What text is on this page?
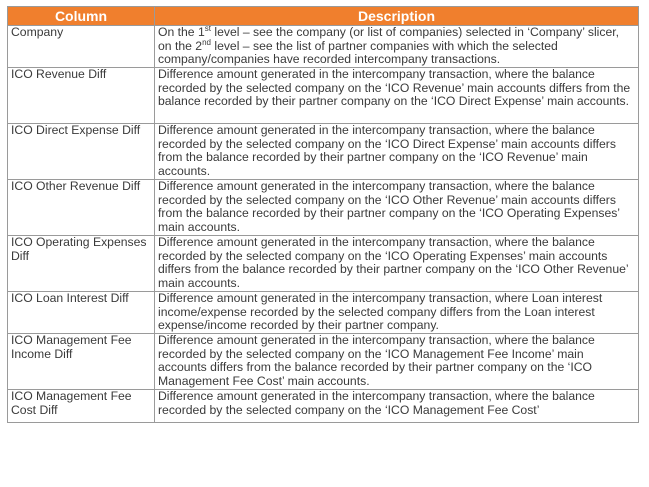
Column	Description
Company	On the 1st level – see the company (or list of companies) selected in ‘Company’ slicer, on the 2nd level – see the list of partner companies with which the selected company/companies have recorded intercompany transactions.
ICO Revenue Diff	Difference amount generated in the intercompany transaction, where the balance recorded by the selected company on the ‘ICO Revenue’ main accounts differs from the balance recorded by their partner company on the ‘ICO Direct Expense’ main accounts.
ICO Direct Expense Diff	Difference amount generated in the intercompany transaction, where the balance recorded by the selected company on the ‘ICO Direct Expense’ main accounts differs from the balance recorded by their partner company on the ‘ICO Revenue’ main accounts.
ICO Other Revenue Diff	Difference amount generated in the intercompany transaction, where the balance recorded by the selected company on the ‘ICO Other Revenue’ main accounts differs from the balance recorded by their partner company on the ‘ICO Operating Expenses’ main accounts.
ICO Operating Expenses Diff	Difference amount generated in the intercompany transaction, where the balance recorded by the selected company on the ‘ICO Operating Expenses’ main accounts differs from the balance recorded by their partner company on the ‘ICO Other Revenue’ main accounts.
ICO Loan Interest Diff	Difference amount generated in the intercompany transaction, where Loan interest income/expense recorded by the selected company differs from the Loan interest expense/income recorded by their partner company.
ICO Management Fee Income Diff	Difference amount generated in the intercompany transaction, where the balance recorded by the selected company on the ‘ICO Management Fee Income’ main accounts differs from the balance recorded by their partner company on the ‘ICO Management Fee Cost’ main accounts.
ICO Management Fee Cost Diff	Difference amount generated in the intercompany transaction, where the balance recorded by the selected company on the ‘ICO Management Fee Cost’
